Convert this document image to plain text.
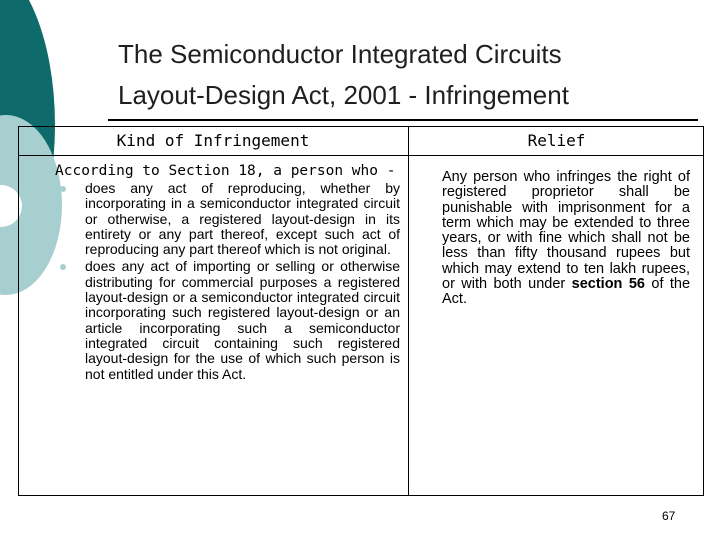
The Semiconductor Integrated Circuits
Layout-Design Act, 2001 - Infringement
Kind of Infringement	Relief

According to Section 18, a person who -

does any act of reproducing, whether by incorporating in a semiconductor integrated circuit or otherwise, a registered layout-design in its entirety or any part thereof, except such act of reproducing any part thereof which is not original.
does any act of importing or selling or otherwise distributing for commercial purposes a registered layout-design or a semiconductor integrated circuit incorporating such registered layout-design or an article incorporating such a semiconductor integrated circuit containing such registered layout-design for the use of which such person is not entitled under this Act.
Any person who infringes the right of registered proprietor shall be punishable with imprisonment for a term which may be extended to three years, or with fine which shall not be less than fifty thousand rupees but which may extend to ten lakh rupees, or with both under section 56 of the Act.
67
